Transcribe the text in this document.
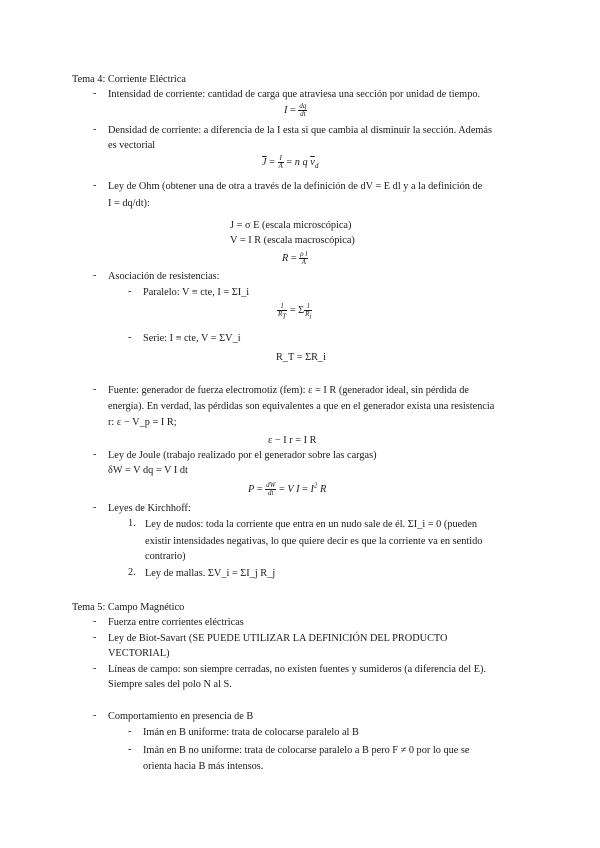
Tema 4: Corriente Eléctrica
- Intensidad de corriente: cantidad de carga que atraviesa una sección por unidad de tiempo.
$I = \frac{dq}{dt}$
- Densidad de corriente: a diferencia de la I esta si que cambia al disminuir la sección. Además
es vectorial
$\overline{J} = \frac{I}{A} = n$ q $\overline{v}_d$
- Ley de Ohm (obtener una de otra a través de la definición de dV = E dl y a la definición de
I = dq/dt):
J = σ E (escala microscópica)
V = I R (escala macroscópica)
$R = \frac{\text{ρ l}}{A}$
- Asociación de resistencias:
- Paralelo: V ≡ cte, I = ΣI_i
$\frac{1}{R_T} = \Sigma \frac{1}{R_i}$
- Serie: I ≡ cte, V = ΣV_i
R_T = ΣR_i
- Fuente: generador de fuerza electromotiz (fem): ε = I R (generador ideal, sin pérdida de
energía). En verdad, las pérdidas son equivalentes a que en el generador exista una resistencia
r: ε − V_p = I R;
ε − I r = I R
- Ley de Joule (trabajo realizado por el generador sobre las cargas)
δW = V dq = V I dt
$P = \frac{dW}{dt} = V$ $I = I^2$ R
- Leyes de Kirchhoff:
1. Ley de nudos: toda la corriente que entra en un nudo sale de él. ΣI_i = 0 (pueden
existir intensidades negativas, lo que quiere decir es que la corriente va en sentido
contrario)
2. Ley de mallas. ΣV_i = ΣI_j R_j
Tema 5: Campo Magnético
- Fuerza entre corrientes eléctricas
- Ley de Biot-Savart (SE PUEDE UTILIZAR LA DEFINICIÓN DEL PRODUCTO
VECTORIAL)
- Líneas de campo: son siempre cerradas, no existen fuentes y sumideros (a diferencia del E).
Siempre sales del polo N al S.
- Comportamiento en presencia de B
- Imán en B uniforme: trata de colocarse paralelo al B
- Imán en B no uniforme: trata de colocarse paralelo a B pero F ≠ 0 por lo que se
orienta hacia B más intensos.
